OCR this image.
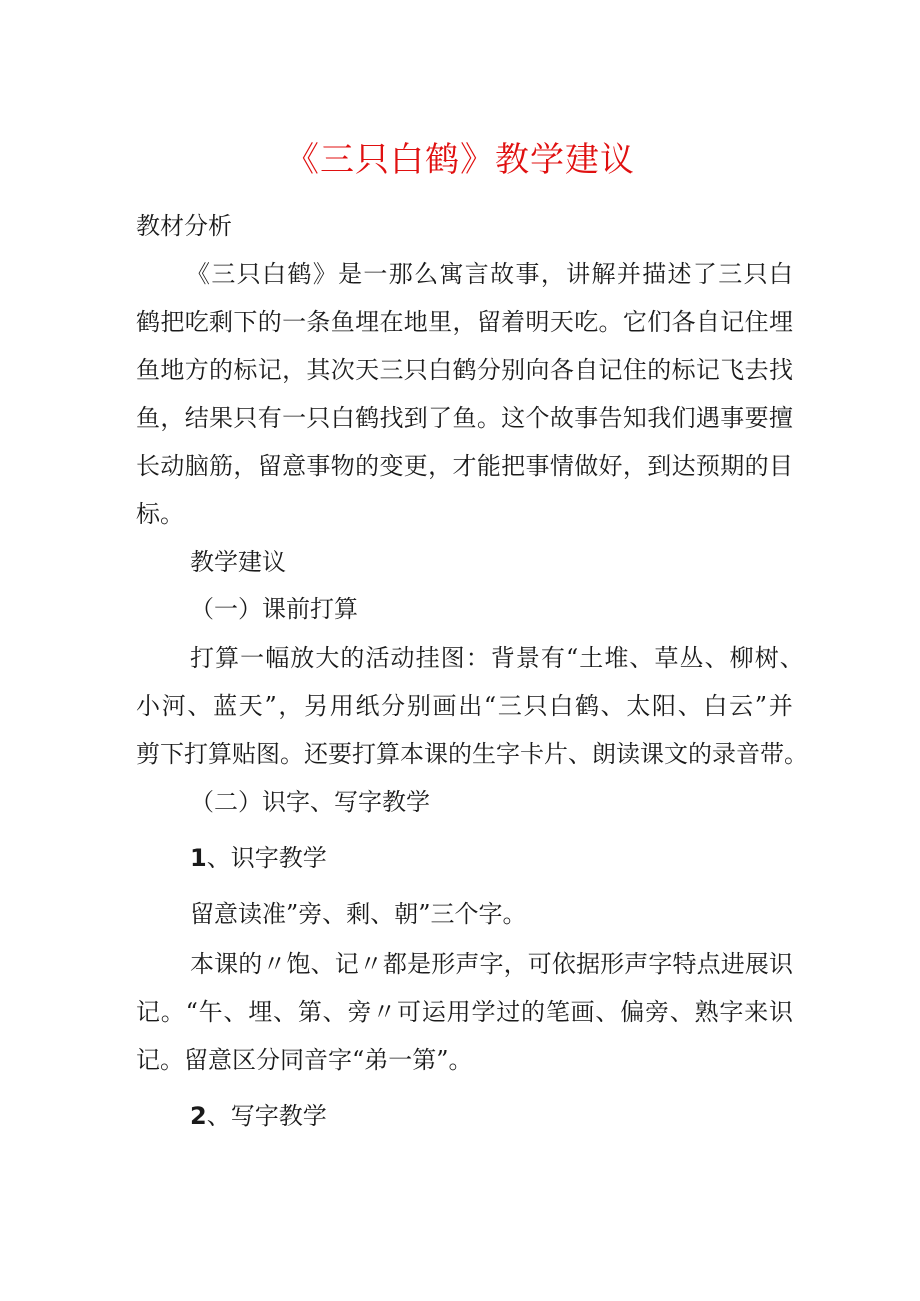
《三只白鹤》教学建议
教材分析
《 三 只 白 鹤 》 是 一 那 么 寓 言 故 事 ， 讲 解 并 描 述 了 三 只 白
鹤 把 吃 剩 下 的 一 条 鱼 埋 在 地 里 ， 留 着 明 天 吃 。 它 们 各 自 记 住 埋
鱼 地 方 的 标 记 ， 其 次 天 三 只 白 鹤 分 别 向 各 自 记 住 的 标 记 飞 去 找
鱼 ， 结 果 只 有 一 只 白 鹤 找 到 了 鱼 。 这 个 故 事 告 知 我 们 遇 事 要 擅
长 动 脑 筋 ， 留 意 事 物 的 变 更 ， 才 能 把 事 情 做 好 ， 到 达 预 期 的 目
标。
教学建议
（一）课前打算
打 算 一 幅 放 大 的 活 动 挂 图 ： 背 景 有 “ 土 堆 、 草 丛 、 柳 树 、
小 河 、 蓝 天 ” ， 另 用 纸 分 别 画 出 “ 三 只 白 鹤 、 太 阳 、 白 云 ” 并
剪 下 打 算 贴 图 。 还 要 打 算 本 课 的 生 字 卡 片 、 朗 读 课 文 的 录 音 带 。
（二）识字、写字教学
1、识字教学
留意读准”旁、剩、朝”三个字。
本 课 的 〃 饱 、 记 〃 都 是 形 声 字 ， 可 依 据 形 声 字 特 点 进 展 识
记 。 “ 午 、 埋 、 第 、 旁 〃 可 运 用 学 过 的 笔 画 、 偏 旁 、 熟 字 来 识
记。留意区分同音字“弟一第”。
2、写字教学
